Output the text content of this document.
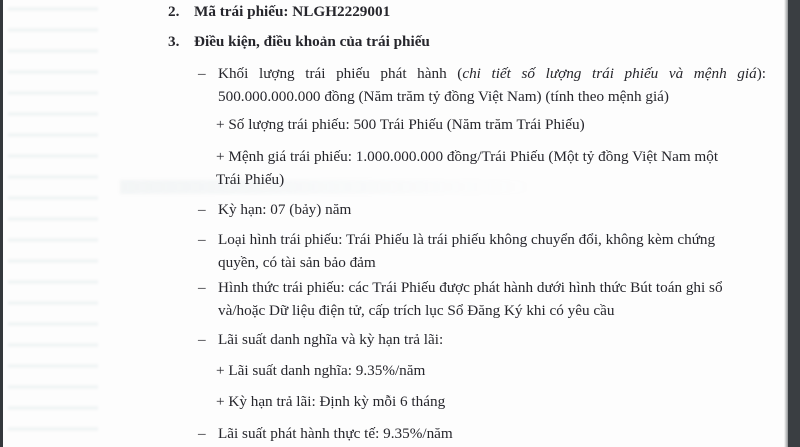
2. Mã trái phiếu: NLGH2229001
3. Điều kiện, điều khoản của trái phiếu
– Khối lượng trái phiếu phát hành (chi tiết số lượng trái phiếu và mệnh giá):
500.000.000.000 đồng (Năm trăm tỷ đồng Việt Nam) (tính theo mệnh giá)
+ Số lượng trái phiếu: 500 Trái Phiếu (Năm trăm Trái Phiếu)
+ Mệnh giá trái phiếu: 1.000.000.000 đồng/Trái Phiếu (Một tỷ đồng Việt Nam một
Trái Phiếu)
– Kỳ hạn: 07 (bảy) năm
– Loại hình trái phiếu: Trái Phiếu là trái phiếu không chuyển đổi, không kèm chứng
quyền, có tài sản bảo đảm
– Hình thức trái phiếu: các Trái Phiếu được phát hành dưới hình thức Bút toán ghi sổ
và/hoặc Dữ liệu điện tử, cấp trích lục Sổ Đăng Ký khi có yêu cầu
– Lãi suất danh nghĩa và kỳ hạn trả lãi:
+ Lãi suất danh nghĩa: 9.35%/năm
+ Kỳ hạn trả lãi: Định kỳ mỗi 6 tháng
– Lãi suất phát hành thực tế: 9.35%/năm
